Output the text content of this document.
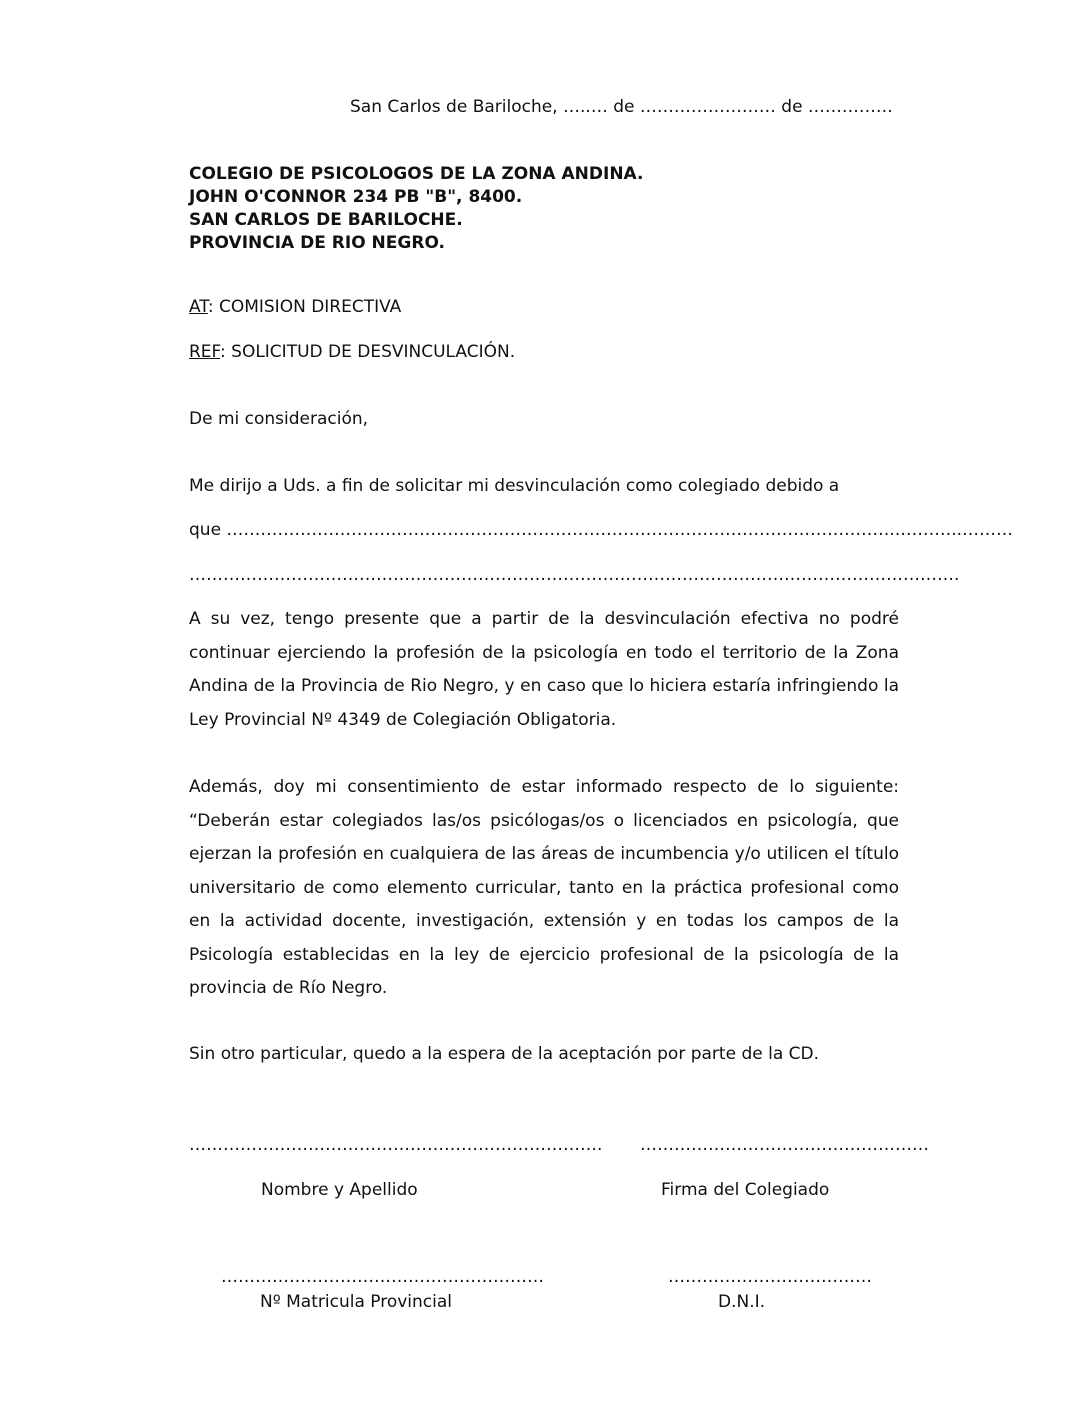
San Carlos de Bariloche, …..… de …………………… de ……………
COLEGIO DE PSICOLOGOS DE LA ZONA ANDINA.
JOHN O'CONNOR 234 PB "B", 8400.
SAN CARLOS DE BARILOCHE.
PROVINCIA DE RIO NEGRO.
AT: COMISION DIRECTIVA
REF: SOLICITUD DE DESVINCULACIÓN.
De mi consideración,
Me dirijo a Uds. a fin de solicitar mi desvinculación como colegiado debido a
que ………………………………………………………………………………………………………..………..………
……………………………………………………………………………………………………………………….
A su vez, tengo presente que a partir de la desvinculación efectiva no podré continuar ejerciendo la profesión de la psicología en todo el territorio de la Zona Andina de la Provincia de Rio Negro, y en caso que lo hiciera estaría infringiendo la Ley Provincial Nº 4349 de Colegiación Obligatoria.
Además, doy mi consentimiento de estar informado respecto de lo siguiente: “Deberán estar colegiados las/os psicólogas/os o licenciados en psicología, que ejerzan la profesión en cualquiera de las áreas de incumbencia y/o utilicen el título universitario de como elemento curricular, tanto en la práctica profesional como en la actividad docente, investigación, extensión y en todas los campos de la Psicología establecidas en la ley de ejercicio profesional de la psicología de la provincia de Río Negro.
Sin otro particular, quedo a la espera de la aceptación por parte de la CD.
………………………………………………………………. ……………………………………………
Nombre y Apellido	Firma del Colegiado
…………………………………………………	………………………………
Nº Matricula Provincial	D.N.I.
